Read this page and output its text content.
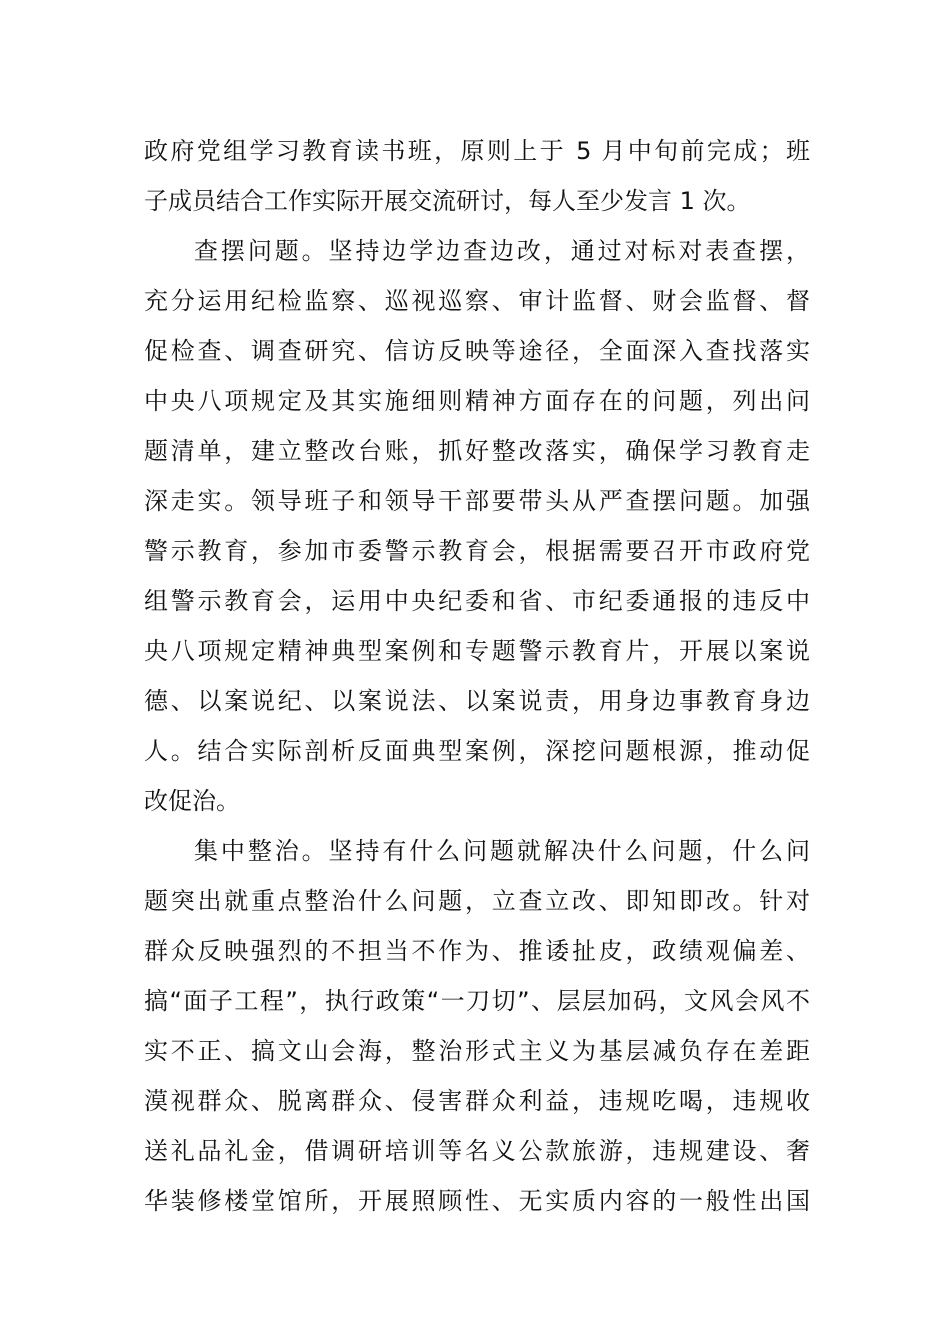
政府党组学习教育读书班，原则上于 5 月中旬前完成；班
子成员结合工作实际开展交流研讨，每人至少发言 1 次。
查摆问题。坚持边学边查边改，通过对标对表查摆，
充分运用纪检监察、巡视巡察、审计监督、财会监督、督
促检查、调查研究、信访反映等途径，全面深入查找落实
中央八项规定及其实施细则精神方面存在的问题，列出问
题清单，建立整改台账，抓好整改落实，确保学习教育走
深走实。领导班子和领导干部要带头从严查摆问题。加强
警示教育，参加市委警示教育会，根据需要召开市政府党
组警示教育会，运用中央纪委和省、市纪委通报的违反中
央八项规定精神典型案例和专题警示教育片，开展以案说
德、以案说纪、以案说法、以案说责，用身边事教育身边
人。结合实际剖析反面典型案例，深挖问题根源，推动促
改促治。
集中整治。坚持有什么问题就解决什么问题，什么问
题突出就重点整治什么问题，立查立改、即知即改。针对
群众反映强烈的不担当不作为、推诿扯皮，政绩观偏差、
搞“面子工程”，执行政策“一刀切”、层层加码，文风会风不
实不正、搞文山会海，整治形式主义为基层减负存在差距
漠视群众、脱离群众、侵害群众利益，违规吃喝，违规收
送礼品礼金，借调研培训等名义公款旅游，违规建设、奢
华装修楼堂馆所，开展照顾性、无实质内容的一般性出国
